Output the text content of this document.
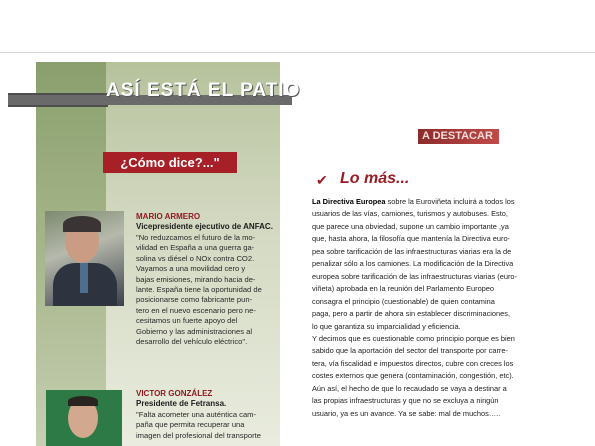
ASÍ ESTÁ EL PATIO
A DESTACAR
¿Cómo dice?..."
MARIO ARMERO
Vicepresidente ejecutivo de ANFAC.
"No reduzcamos el futuro de la mo-
vilidad en España a una guerra ga-
solina vs diésel o NOx contra CO2.
Vayamos a una movilidad cero y
bajas emisiones, mirando hacia de-
lante. España tiene la oportunidad de
posicionarse como fabricante pun-
tero en el nuevo escenario pero ne-
cesitamos un fuerte apoyo del
Gobierno y las administraciones al
desarrollo del vehículo eléctrico".
VICTOR GONZÁLEZ
Presidente de Fetransa.
"Falta acometer una auténtica cam-
paña que permita recuperar una
imagen del profesional del transporte
✔ Lo más...
La Directiva Europea sobre la Euroviñeta incluirá a todos los
usuarios de las vías, camiones, turismos y autobuses. Esto,
que parece una obviedad, supone un cambio importante ,ya
que, hasta ahora, la filosofía que mantenía la Directiva euro-
pea sobre tarificación de las infraestructuras viarias era la de
penalizar sólo a los camiones. La modificación de la Directiva
europea sobre tarificación de las infraestructuras viarias (euro-
viñeta) aprobada en la reunión del Parlamento Europeo
consagra el principio (cuestionable) de quien contamina
paga, pero a partir de ahora sin establecer discriminaciones,
lo que garantiza su imparcialidad y eficiencia.
Y decimos que es cuestionable como principio porque es bien
sabido que la aportación del sector del transporte por carre-
tera, vía fiscalidad e impuestos directos, cubre con creces los
costes externos que genera (contaminación, congestión, etc).
Aún así, el hecho de que lo recaudado se vaya a destinar a
las propias infraestructuras y que no se excluya a ningún
usuario, ya es un avance. Ya se sabe: mal de muchos…..
